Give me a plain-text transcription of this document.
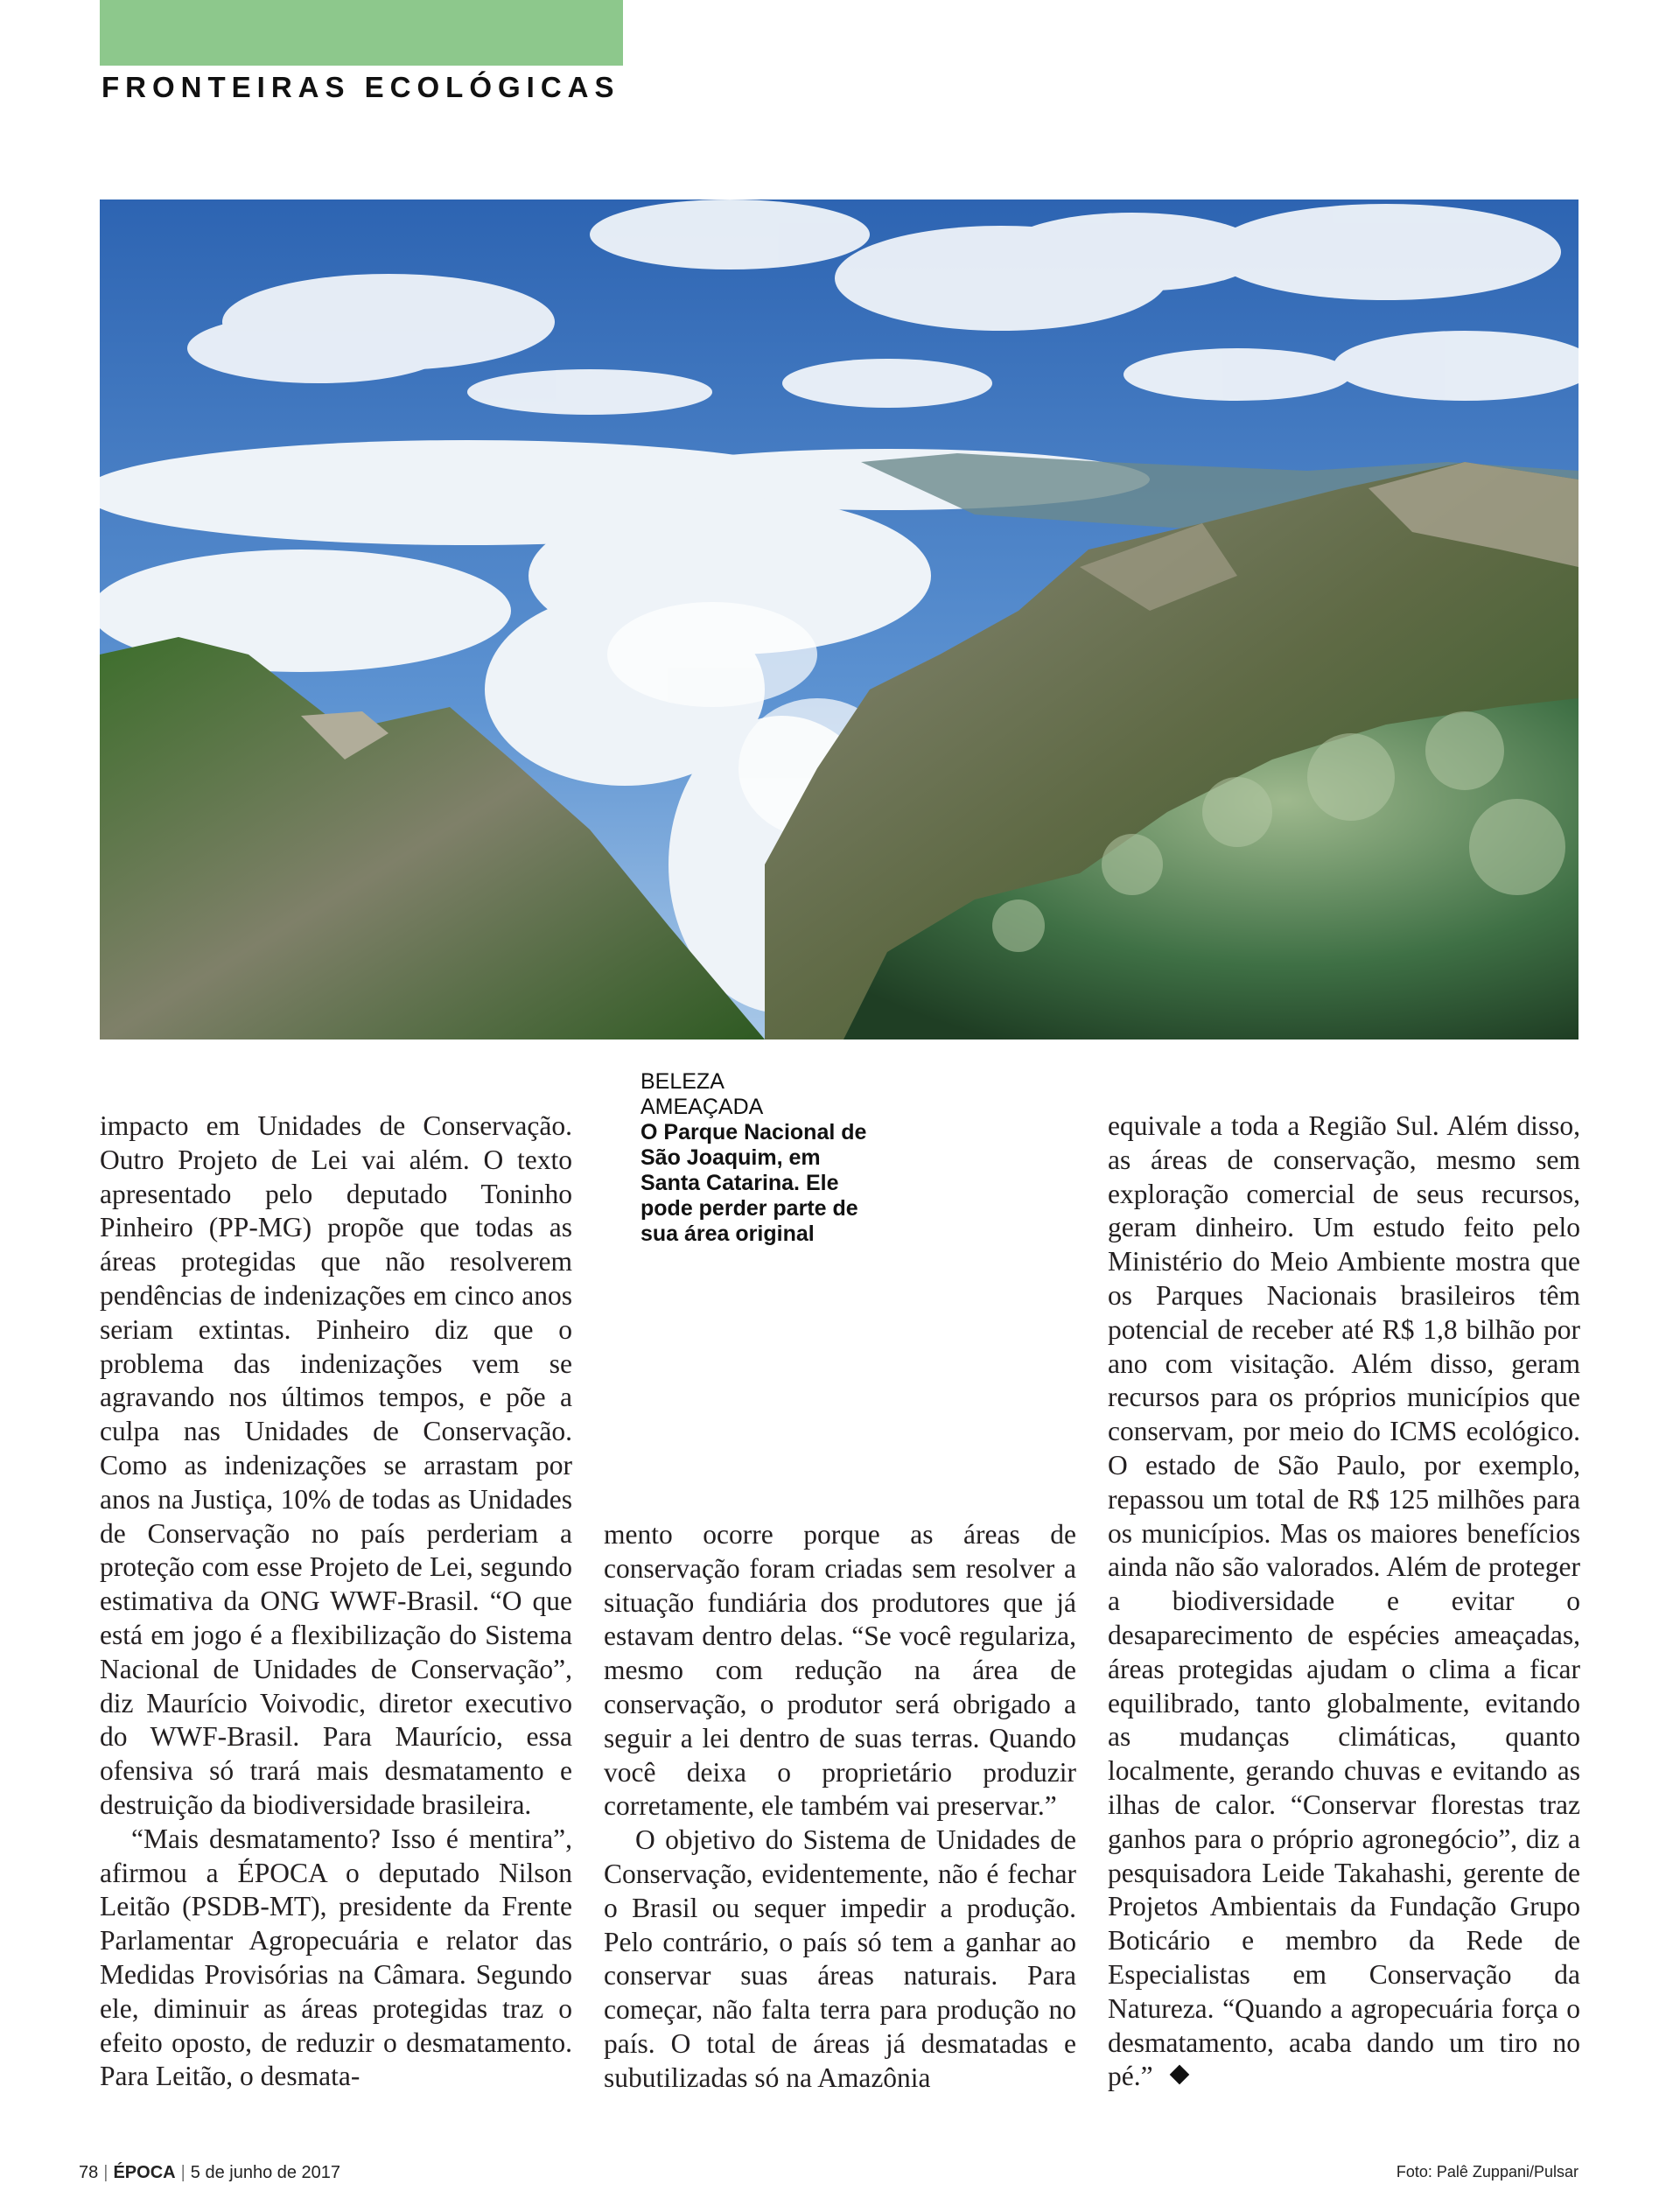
FRONTEIRAS ECOLÓGICAS
BELEZA
AMEAÇADA
O Parque Nacional de São Joaquim, em Santa Catarina. Ele pode perder parte de sua área original

impacto em Unidades de Conservação. Outro Projeto de Lei vai além. O texto apresentado pelo deputado Toninho Pinheiro (PP-MG) propõe que todas as áreas protegidas que não resolverem pendências de indenizações em cinco anos seriam extintas. Pinheiro diz que o problema das indenizações vem se agravando nos últimos tempos, e põe a culpa nas Unidades de Conservação. Como as indenizações se arrastam por anos na Justiça, 10% de todas as Unidades de Conservação no país perderiam a proteção com esse Projeto de Lei, segundo estimativa da ONG WWF-Brasil. “O que está em jogo é a flexibilização do Sistema Nacional de Unidades de Conservação”, diz Maurício Voivodic, diretor executivo do WWF-Brasil. Para Maurício, essa ofensiva só trará mais desmatamento e destruição da biodiversidade brasileira.

“Mais desmatamento? Isso é mentira”, afirmou a ÉPOCA o deputado Nilson Leitão (PSDB-MT), presidente da Frente Parlamentar Agropecuária e relator das Medidas Provisórias na Câmara. Segundo ele, diminuir as áreas protegidas traz o efeito oposto, de reduzir o desmatamento. Para Leitão, o desmata-

mento ocorre porque as áreas de conservação foram criadas sem resolver a situação fundiária dos produtores que já estavam dentro delas. “Se você regulariza, mesmo com redução na área de conservação, o produtor será obrigado a seguir a lei dentro de suas terras. Quando você deixa o proprietário produzir corretamente, ele também vai preservar.”

O objetivo do Sistema de Unidades de Conservação, evidentemente, não é fechar o Brasil ou sequer impedir a produção. Pelo contrário, o país só tem a ganhar ao conservar suas áreas naturais. Para começar, não falta terra para produção no país. O total de áreas já desmatadas e subutilizadas só na Amazônia

equivale a toda a Região Sul. Além disso, as áreas de conservação, mesmo sem exploração comercial de seus recursos, geram dinheiro. Um estudo feito pelo Ministério do Meio Ambiente mostra que os Parques Nacionais brasileiros têm potencial de receber até R$ 1,8 bilhão por ano com visitação. Além disso, geram recursos para os próprios municípios que conservam, por meio do ICMS ecológico. O estado de São Paulo, por exemplo, repassou um total de R$ 125 milhões para os municípios. Mas os maiores benefícios ainda não são valorados. Além de proteger a biodiversidade e evitar o desaparecimento de espécies ameaçadas, áreas protegidas ajudam o clima a ficar equilibrado, tanto globalmente, evitando as mudanças climáticas, quanto localmente, gerando chuvas e evitando as ilhas de calor. “Conservar florestas traz ganhos para o próprio agronegócio”, diz a pesquisadora Leide Takahashi, gerente de Projetos Ambientais da Fundação Grupo Boticário e membro da Rede de Especialistas em Conservação da Natureza. “Quando a agropecuária força o desmatamento, acaba dando um tiro no pé.”

78 | ÉPOCA | 5 de junho de 2017	Foto: Palê Zuppani/Pulsar
